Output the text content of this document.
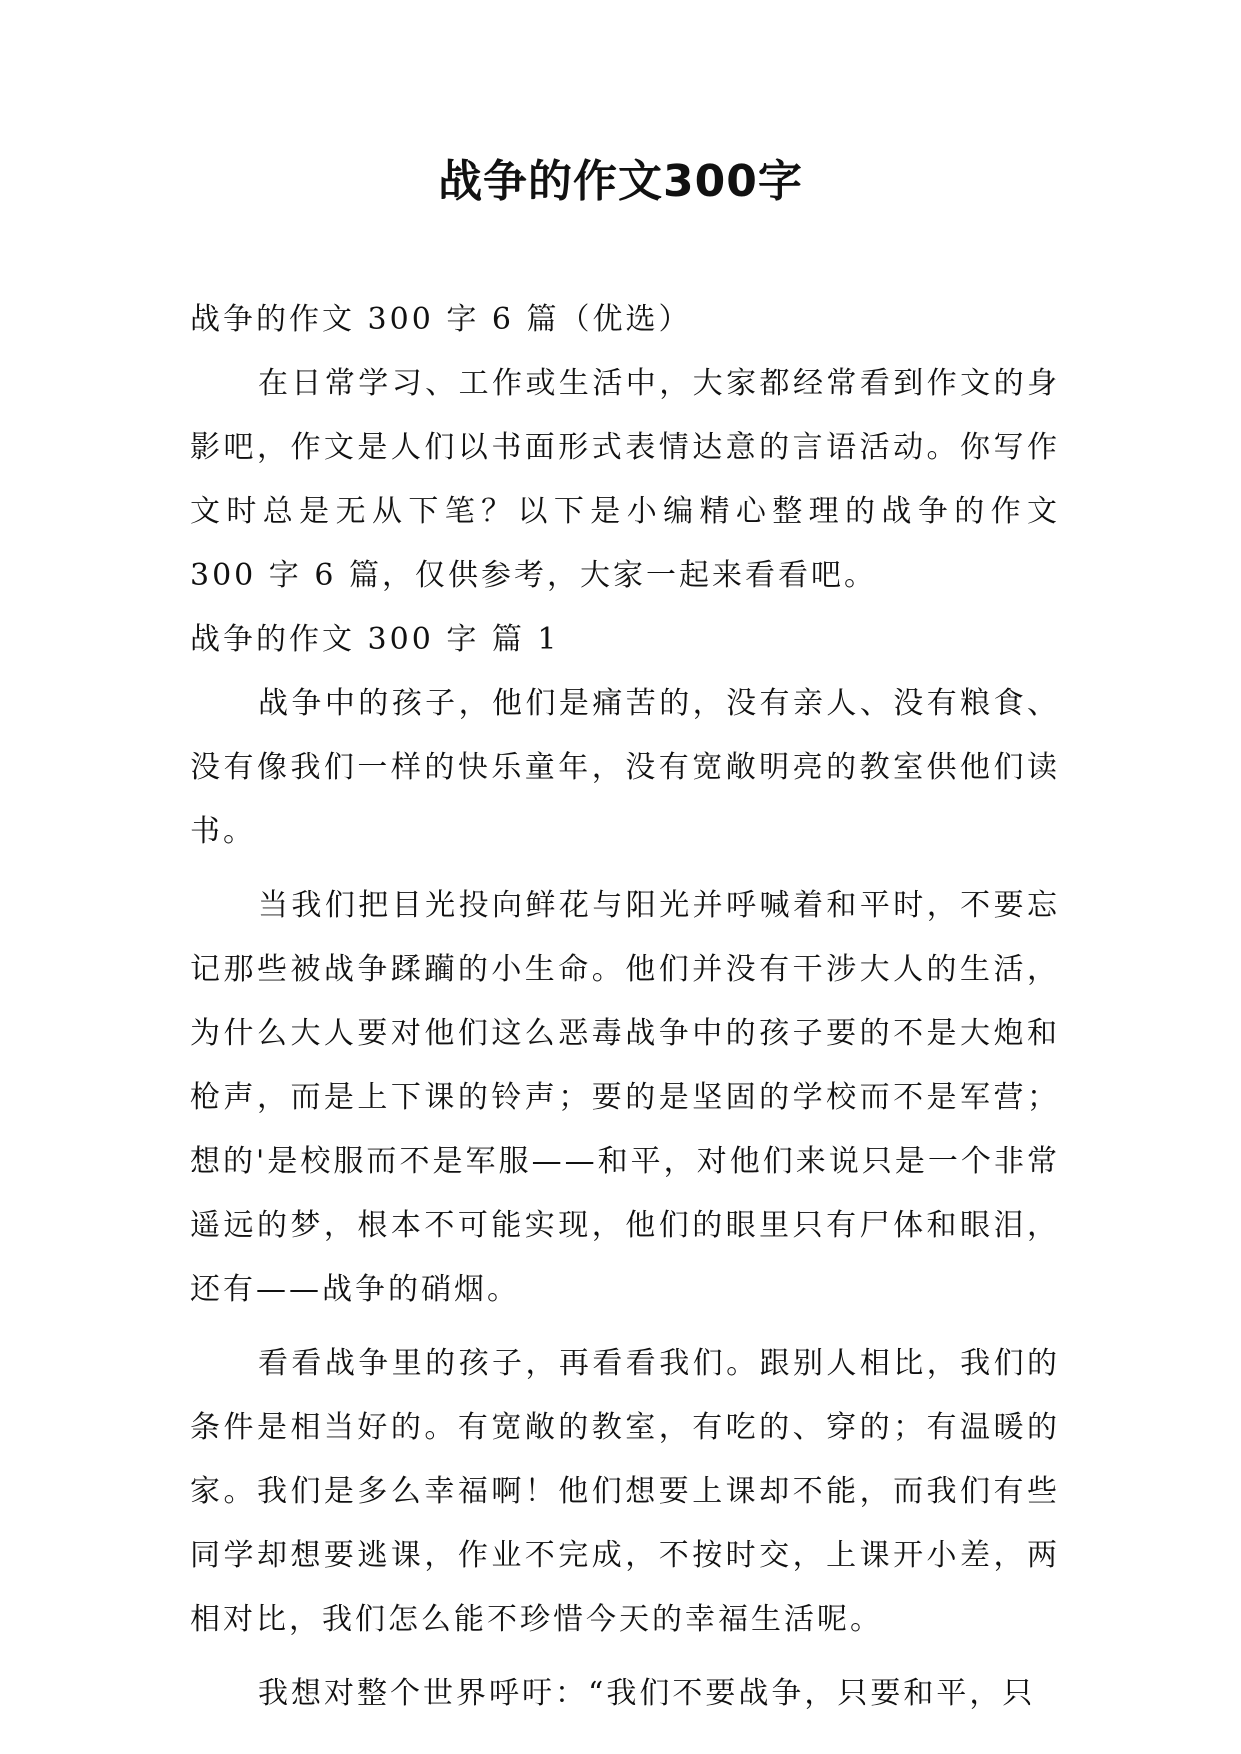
战争的作文300字

战争的作文 300 字 6 篇（优选）

在日常学习、工作或生活中，大家都经常看到作文的身影吧，作文是人们以书面形式表情达意的言语活动。你写作文时总是无从下笔？以下是小编精心整理的战争的作文 300 字 6 篇，仅供参考，大家一起来看看吧。

战争的作文 300 字 篇 1

战争中的孩子，他们是痛苦的，没有亲人、没有粮食、没有像我们一样的快乐童年，没有宽敞明亮的教室供他们读书。

当我们把目光投向鲜花与阳光并呼喊着和平时，不要忘记那些被战争蹂躏的小生命。他们并没有干涉大人的生活，为什么大人要对他们这么恶毒战争中的孩子要的不是大炮和枪声，而是上下课的铃声；要的是坚固的学校而不是军营；想的'是校服而不是军服——和平，对他们来说只是一个非常遥远的梦，根本不可能实现，他们的眼里只有尸体和眼泪，还有——战争的硝烟。

看看战争里的孩子，再看看我们。跟别人相比，我们的条件是相当好的。有宽敞的教室，有吃的、穿的；有温暖的家。我们是多么幸福啊！他们想要上课却不能，而我们有些同学却想要逃课，作业不完成，不按时交，上课开小差，两相对比，我们怎么能不珍惜今天的幸福生活呢。

我想对整个世界呼吁：“我们不要战争，只要和平，只
